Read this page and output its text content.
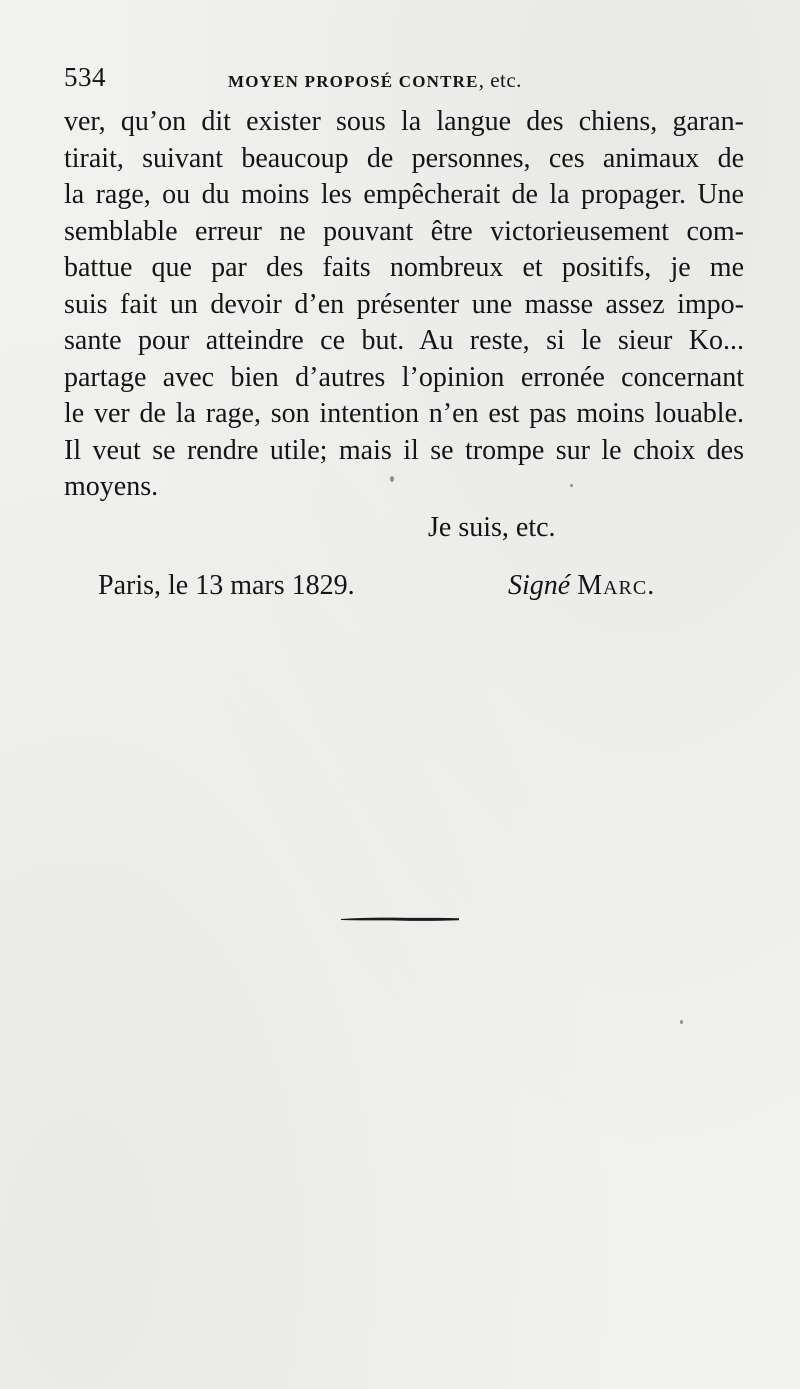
534	MOYEN PROPOSÉ CONTRE, etc.
ver, qu’on dit exister sous la langue des chiens, garan-
tirait, suivant beaucoup de personnes, ces animaux de
la rage, ou du moins les empêcherait de la propager. Une
semblable erreur ne pouvant être victorieusement com-
battue que par des faits nombreux et positifs, je me
suis fait un devoir d’en présenter une masse assez impo-
sante pour atteindre ce but. Au reste, si le sieur Ko...
partage avec bien d’autres l’opinion erronée concernant
le ver de la rage, son intention n’en est pas moins louable.
Il veut se rendre utile; mais il se trompe sur le choix des
moyens.
Je suis, etc.
Paris, le 13 mars 1829.	Signé Marc.
